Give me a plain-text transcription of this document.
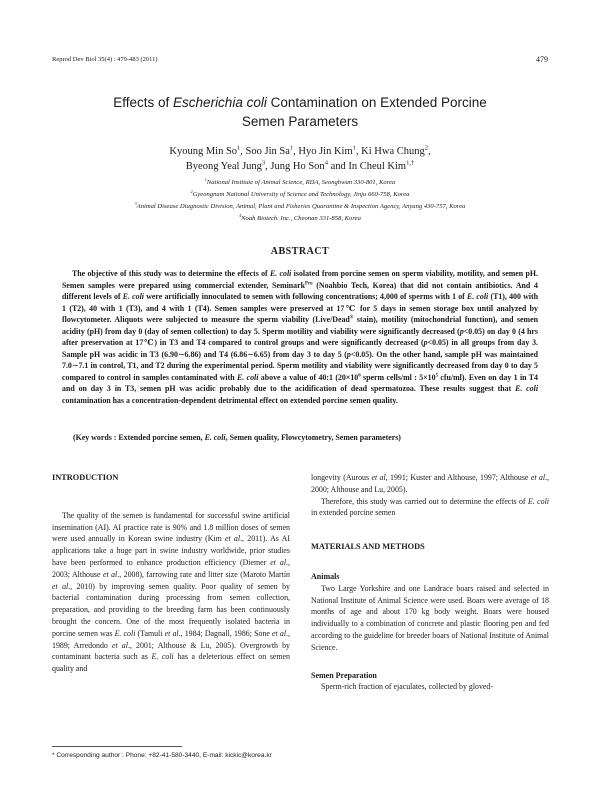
Reprod Dev Biol 35(4) : 479-483 (2011)	479
Effects of Escherichia coli Contamination on Extended Porcine
Semen Parameters
Kyoung Min So$^1$, Soo Jin Sa$^1$, Hyo Jin Kim$^1$, Ki Hwa Chung$^2$,
Byeong Yeal Jung$^3$, Jung Ho Son$^4$ and In Cheul Kim$^{1,\dagger}$
$^1$National Institute of Animal Science, RDA, Seonghwan 330-801, Korea
$^2$Gyeongnam National University of Science and Technology, Jinju 660-758, Korea
$^3$Animal Disease Diagnostic Division, Animal, Plant and Fisheries Quarantine & Inspection Agency, Anyang 430-757, Korea
$^4$Noah Biotech. Inc., Cheonan 331-858, Korea
ABSTRACT

The objective of this study was to determine the effects of E. coli isolated from porcine semen on sperm viability, motility, and semen pH. Semen samples were prepared using commercial extender, Seminark$^{Pro}$ (Noahbio Tech, Korea) that did not contain antibiotics. And 4 different levels of E. coli were artificially innoculated to semen with following concentrations; 4,000 of sperms with 1 of E. coli (T1), 400 with 1 (T2), 40 with 1 (T3), and 4 with 1 (T4). Semen samples were preserved at 17℃ for 5 days in semen storage box until analyzed by flowcytometer. Aliquots were subjected to measure the sperm viability (Live/Dead® stain), motility (mitochondrial function), and semen acidity (pH) from day 0 (day of semen collection) to day 5. Sperm motility and viability were significantly decreased (p<0.05) on day 0 (4 hrs after preservation at 17℃) in T3 and T4 compared to control groups and were significantly decreased (p<0.05) in all groups from day 3. Sample pH was acidic in T3 (6.90∼6.86) and T4 (6.86∼6.65) from day 3 to day 5 (p<0.05). On the other hand, sample pH was maintained 7.0∼7.1 in control, T1, and T2 during the experimental period. Sperm motility and viability were significantly decreased from day 0 to day 5 compared to control in samples contaminated with E. coli above a value of 40:1 ($20\times 10^6$ sperm cells/ml : $5\times 10^5$ cfu/ml). Even on day 1 in T4 and on day 3 in T3, semen pH was acidic probably due to the acidification of dead spermatozoa. These results suggest that E. coli contamination has a concentration-dependent detrimental effect on extended porcine semen quality.

(Key words : Extended porcine semen, E. coli, Semen quality, Flowcytometry, Semen parameters)

INTRODUCTION

The quality of the semen is fundamental for successful swine artificial insemination (AI). AI practice rate is 90% and 1.8 million doses of semen were used annually in Korean swine industry (Kim et al., 2011). As AI applications take a huge part in swine industry worldwide, prior studies have been performed to enhance production efficiency (Diemer et al., 2003; Althouse et al., 2008), farrowing rate and litter size (Maroto Martín et al., 2010) by improving semen quality. Poor quality of semen by bacterial contamination during processing from semen collection, preparation, and providing to the breeding farm has been continuously brought the concern. One of the most frequently isolated bacteria in porcine semen was E. coli (Tamuli et al., 1984; Dagnall, 1986; Sone et al., 1989; Arredondo et al., 2001; Althouse & Lu, 2005). Overgrowth by contaminant bacteria such as E. coli has a deleterious effect on semen quality and

longevity (Aurous et al, 1991; Kuster and Althouse, 1997; Althouse et al., 2000; Althouse and Lu, 2005).

Therefore, this study was carried out to determine the effects of E. coli in extended porcine semen

MATERIALS AND METHODS

Animals

Two Large Yorkshire and one Landrace boars raised and selected in National Institute of Animal Science were used. Boars were average of 18 months of age and about 170 kg body weight. Boars were housed individually to a combination of concrete and plastic flooring pen and fed according to the guideline for breeder boars of National Institute of Animal Science.

Semen Preparation

Sperm-rich fraction of ejaculates, collected by gloved-

* Corresponding author : Phone: +82-41-580-3440, E-mail: kickic@korea.kr
